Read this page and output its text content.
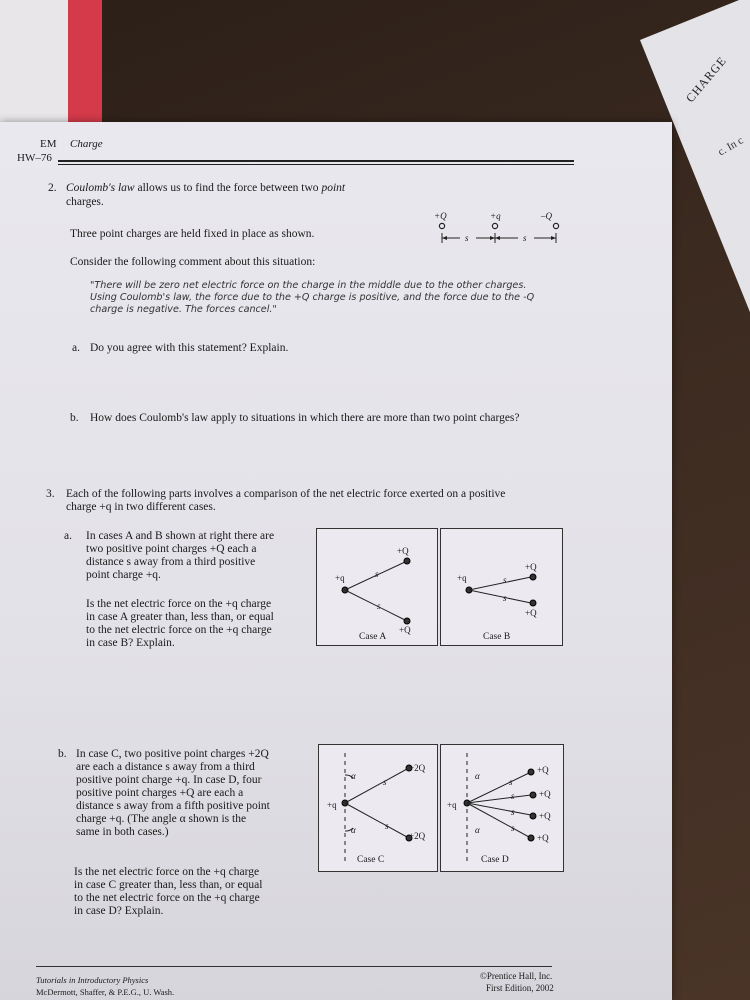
CHARGE
c. In c
EM Charge
HW–76
2. Coulomb's law allows us to find the force between two point
charges.
Three point charges are held fixed in place as shown.
+Q	+q	–Q
s	s
Consider the following comment about this situation:
"There will be zero net electric force on the charge in the middle due to the other charges.
Using Coulomb's law, the force due to the +Q charge is positive, and the force due to the -Q
charge is negative. The forces cancel."
a. Do you agree with this statement? Explain.
b. How does Coulomb's law apply to situations in which there are more than two point charges?
3. Each of the following parts involves a comparison of the net electric force exerted on a positive
charge +q in two different cases.
a. In cases A and B shown at right there are
two positive point charges +Q each a
distance s away from a third positive
point charge +q.
Is the net electric force on the +q charge
in case A greater than, less than, or equal
to the net electric force on the +q charge
in case B? Explain.
+q
+Q
+Q
s
s
Case A
+q
+Q
+Q
s
s
Case B
b. In case C, two positive point charges +2Q
are each a distance s away from a third
positive point charge +q. In case D, four
positive point charges +Q are each a
distance s away from a fifth positive point
charge +q. (The angle α shown is the
same in both cases.)
Is the net electric force on the +q charge
in case C greater than, less than, or equal
to the net electric force on the +q charge
in case D? Explain.
+q
+2Q
+2Q
α
α
s
s
Case C
+q
+Q
+Q
+Q
+Q
α
α
s
s
s
s
Case D
Tutorials in Introductory Physics
McDermott, Shaffer, & P.E.G., U. Wash.
©Prentice Hall, Inc.
First Edition, 2002
